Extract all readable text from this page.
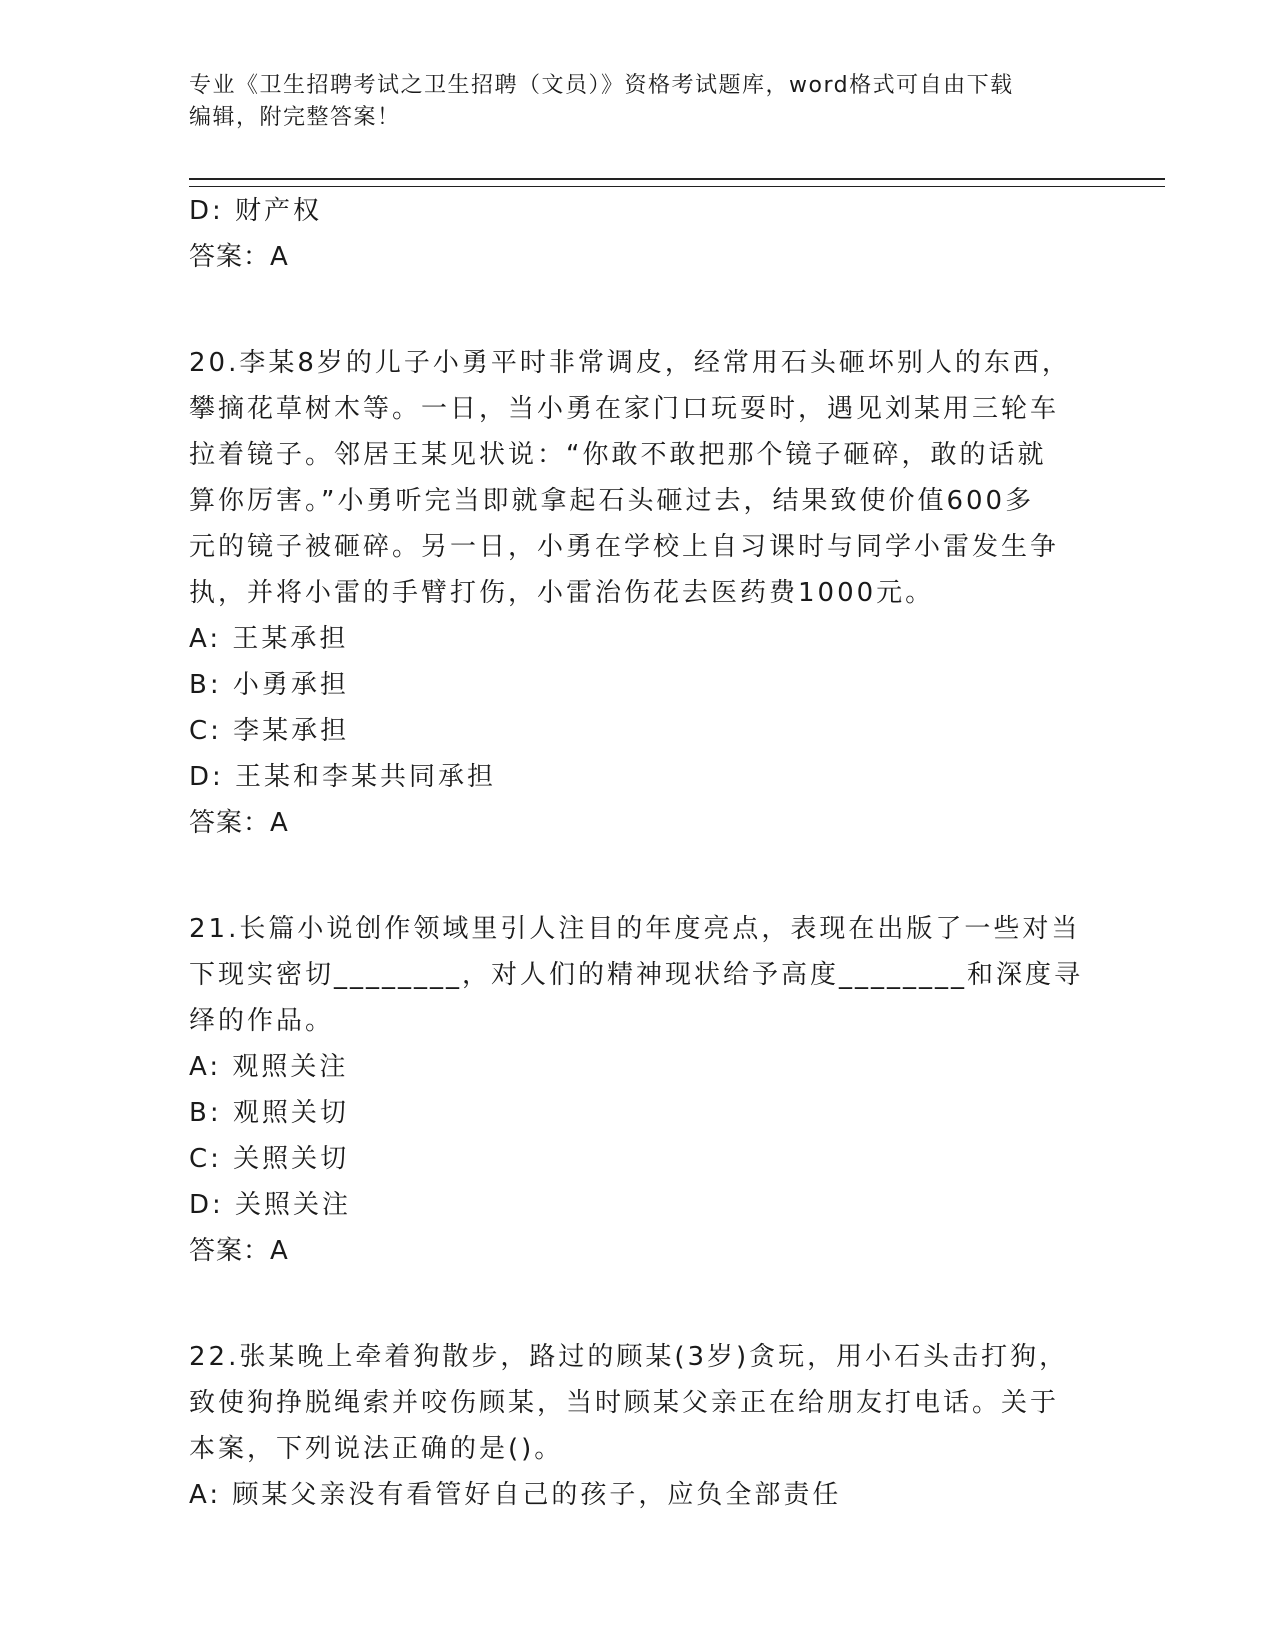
专业《卫生招聘考试之卫生招聘（文员）》资格考试题库，word格式可自由下载
编辑，附完整答案！
D: 财产权
答案：A
20.李某8岁的儿子小勇平时非常调皮，经常用石头砸坏别人的东西，
攀摘花草树木等。一日，当小勇在家门口玩耍时，遇见刘某用三轮车
拉着镜子。邻居王某见状说：“你敢不敢把那个镜子砸碎，敢的话就
算你厉害。”小勇听完当即就拿起石头砸过去，结果致使价值600多
元的镜子被砸碎。另一日，小勇在学校上自习课时与同学小雷发生争
执，并将小雷的手臂打伤，小雷治伤花去医药费1000元。
A: 王某承担
B: 小勇承担
C: 李某承担
D: 王某和李某共同承担
答案：A
21.长篇小说创作领域里引人注目的年度亮点，表现在出版了一些对当
下现实密切________，对人们的精神现状给予高度________和深度寻
绎的作品。
A: 观照关注
B: 观照关切
C: 关照关切
D: 关照关注
答案：A
22.张某晚上牵着狗散步，路过的顾某(3岁)贪玩，用小石头击打狗，
致使狗挣脱绳索并咬伤顾某，当时顾某父亲正在给朋友打电话。关于
本案，下列说法正确的是()。
A: 顾某父亲没有看管好自己的孩子，应负全部责任
